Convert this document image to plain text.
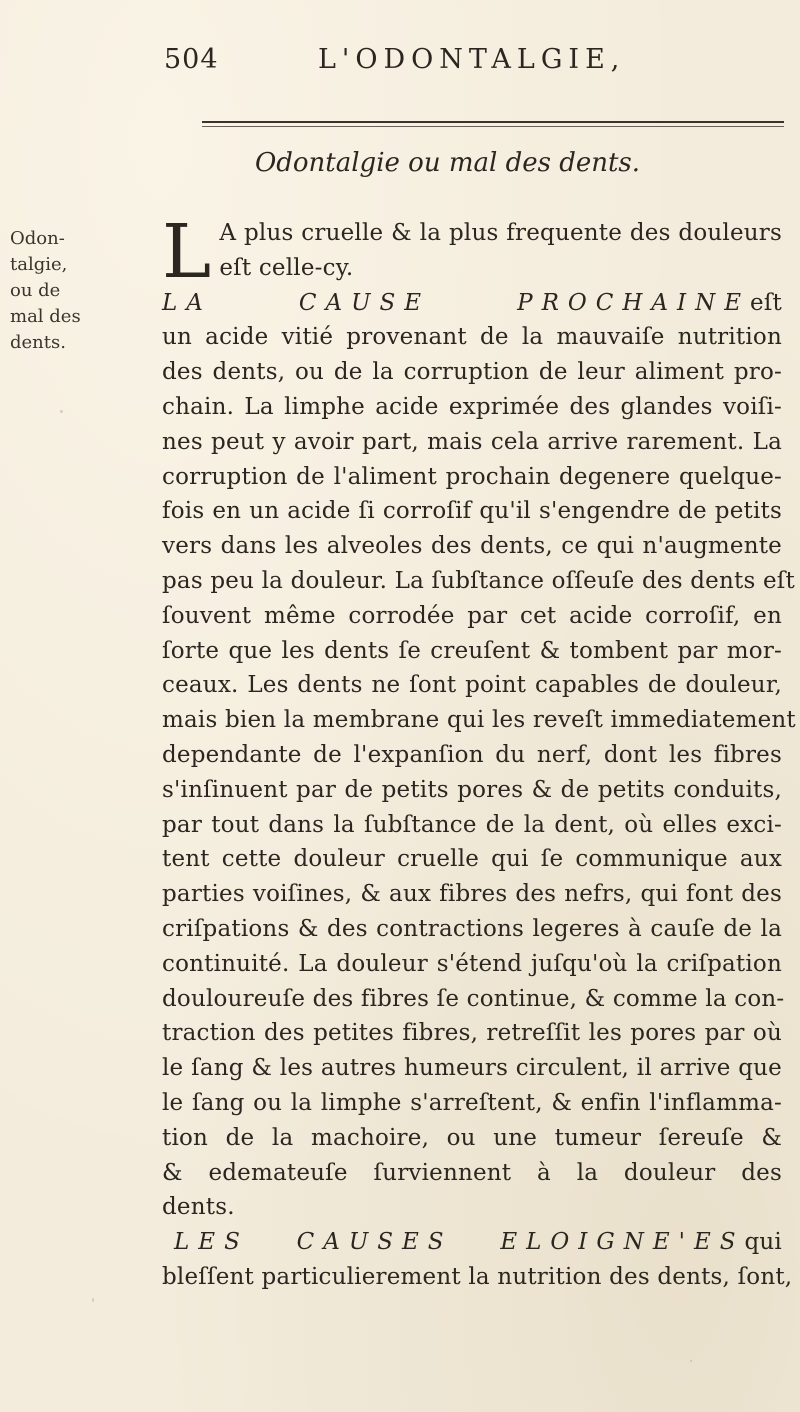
504	L'ODONTALGIE,
Odontalgie ou mal des dents.
Odon-
talgie,
ou de
mal des
dents.
L A plus cruelle & la plus frequente des douleurs
eſt celle-cy.
LA CAUSE PROCHAINE eſt
un acide vitié provenant de la mauvaiſe nutrition
des dents, ou de la corruption de leur aliment pro-
chain. La limphe acide exprimée des glandes voiſi-
nes peut y avoir part, mais cela arrive rarement. La
corruption de l'aliment prochain degenere quelque-
fois en un acide ſi corroſif qu'il s'engendre de petits
vers dans les alveoles des dents, ce qui n'augmente
pas peu la douleur. La ſubſtance oſſeuſe des dents eſt
ſouvent même corrodée par cet acide corroſif, en
ſorte que les dents ſe creuſent & tombent par mor-
ceaux. Les dents ne ſont point capables de douleur,
mais bien la membrane qui les reveſt immediatement
dependante de l'expanſion du nerf, dont les fibres
s'inſinuent par de petits pores & de petits conduits,
par tout dans la ſubſtance de la dent, où elles exci-
tent cette douleur cruelle qui ſe communique aux
parties voiſines, & aux fibres des nefrs, qui font des
criſpations & des contractions legeres à cauſe de la
continuité. La douleur s'étend juſqu'où la criſpation
douloureuſe des fibres ſe continue, & comme la con-
traction des petites fibres, retreſſit les pores par où
le ſang & les autres humeurs circulent, il arrive que
le ſang ou la limphe s'arreſtent, & enfin l'inflamma-
tion de la machoire, ou une tumeur ſereuſe &
& edemateuſe ſurviennent à la douleur des
dents.
LES CAUSES ELOIGNE'ES qui
bleſſent particulierement la nutrition des dents, ſont,
